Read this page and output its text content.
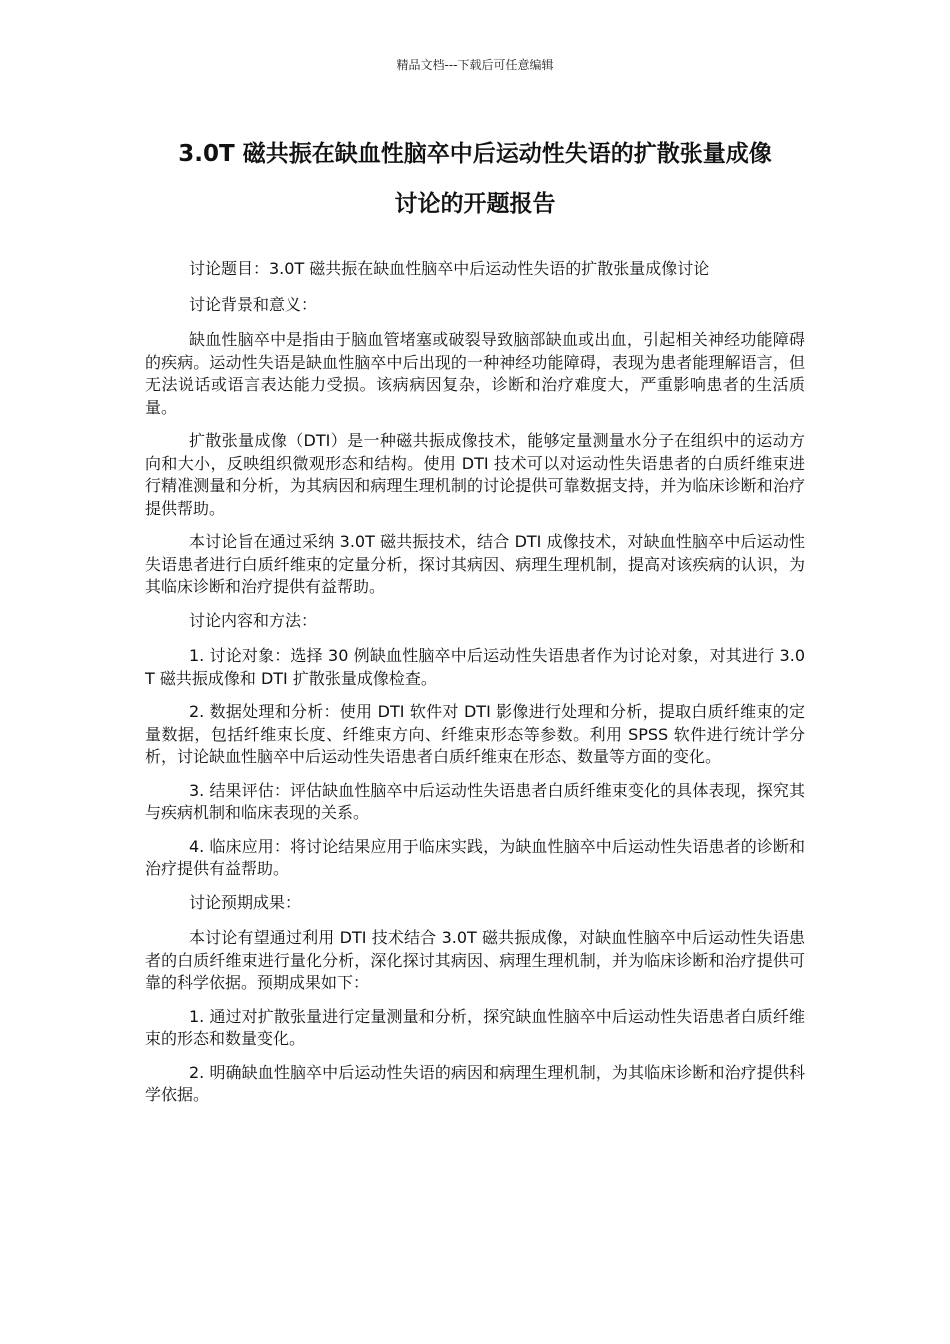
精品文档---下载后可任意编辑
3.0T 磁共振在缺血性脑卒中后运动性失语的扩散张量成像
讨论的开题报告

讨论题目：3.0T 磁共振在缺血性脑卒中后运动性失语的扩散张量成像讨论

讨论背景和意义：

缺血性脑卒中是指由于脑血管堵塞或破裂导致脑部缺血或出血，引起相关神经功能障碍的疾病。运动性失语是缺血性脑卒中后出现的一种神经功能障碍，表现为患者能理解语言，但无法说话或语言表达能力受损。该病病因复杂，诊断和治疗难度大，严重影响患者的生活质量。

扩散张量成像（DTI）是一种磁共振成像技术，能够定量测量水分子在组织中的运动方向和大小，反映组织微观形态和结构。使用 DTI 技术可以对运动性失语患者的白质纤维束进行精准测量和分析，为其病因和病理生理机制的讨论提供可靠数据支持，并为临床诊断和治疗提供帮助。

本讨论旨在通过采纳 3.0T 磁共振技术，结合 DTI 成像技术，对缺血性脑卒中后运动性失语患者进行白质纤维束的定量分析，探讨其病因、病理生理机制，提高对该疾病的认识，为其临床诊断和治疗提供有益帮助。

讨论内容和方法：

1. 讨论对象：选择 30 例缺血性脑卒中后运动性失语患者作为讨论对象，对其进行 3.0T 磁共振成像和 DTI 扩散张量成像检查。

2. 数据处理和分析：使用 DTI 软件对 DTI 影像进行处理和分析，提取白质纤维束的定量数据，包括纤维束长度、纤维束方向、纤维束形态等参数。利用 SPSS 软件进行统计学分析，讨论缺血性脑卒中后运动性失语患者白质纤维束在形态、数量等方面的变化。

3. 结果评估：评估缺血性脑卒中后运动性失语患者白质纤维束变化的具体表现，探究其与疾病机制和临床表现的关系。

4. 临床应用：将讨论结果应用于临床实践，为缺血性脑卒中后运动性失语患者的诊断和治疗提供有益帮助。

讨论预期成果：

本讨论有望通过利用 DTI 技术结合 3.0T 磁共振成像，对缺血性脑卒中后运动性失语患者的白质纤维束进行量化分析，深化探讨其病因、病理生理机制，并为临床诊断和治疗提供可靠的科学依据。预期成果如下：

1. 通过对扩散张量进行定量测量和分析，探究缺血性脑卒中后运动性失语患者白质纤维束的形态和数量变化。

2. 明确缺血性脑卒中后运动性失语的病因和病理生理机制，为其临床诊断和治疗提供科学依据。
